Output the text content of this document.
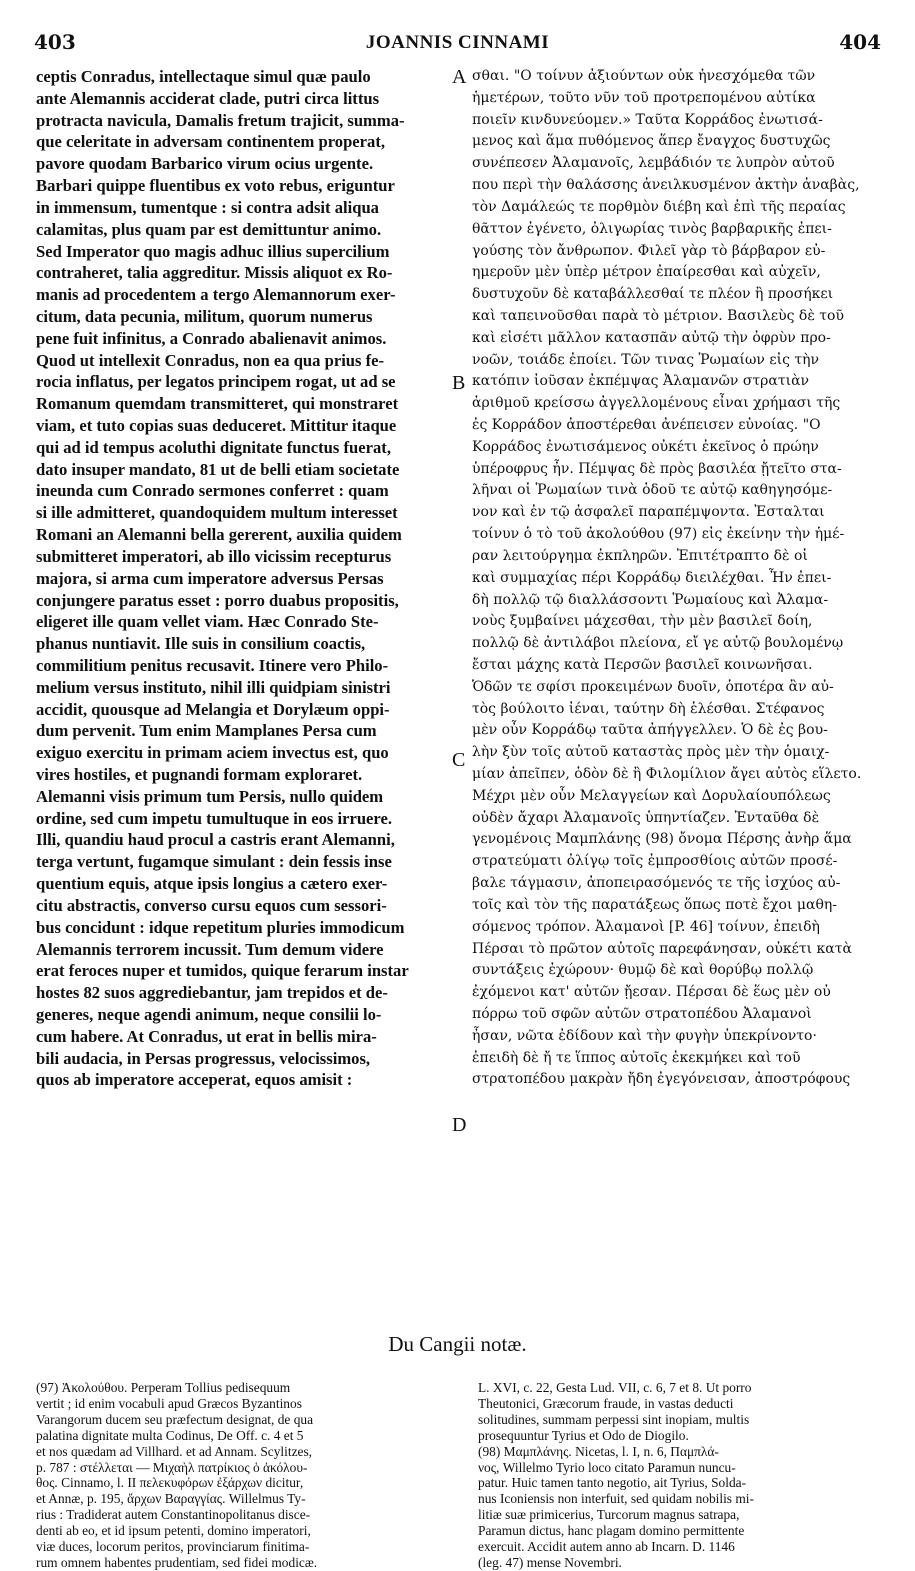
403	JOANNIS CINNAMI	404
ceptis Conradus, intellectaque simul quæ paulo
ante Alemannis acciderat clade, putri circa littus
protracta navicula, Damalis fretum trajicit, summa-
que celeritate in adversam continentem properat,
pavore quodam Barbarico virum ocius urgente.
Barbari quippe fluentibus ex voto rebus, eriguntur
in immensum, tumentque : si contra adsit aliqua
calamitas, plus quam par est demittuntur animo.
Sed Imperator quo magis adhuc illius supercilium
contraheret, talia aggreditur. Missis aliquot ex Ro-
manis ad procedentem a tergo Alemannorum exer-
citum, data pecunia, militum, quorum numerus
pene fuit infinitus, a Conrado abalienavit animos.
Quod ut intellexit Conradus, non ea qua prius fe-
rocia inflatus, per legatos principem rogat, ut ad se
Romanum quemdam transmitteret, qui monstraret
viam, et tuto copias suas deduceret. Mittitur itaque
qui ad id tempus acoluthi dignitate functus fuerat,
dato insuper mandato, 81 ut de belli etiam societate
ineunda cum Conrado sermones conferret : quam
si ille admitteret, quandoquidem multum interesset
Romani an Alemanni bella gererent, auxilia quidem
submitteret imperatori, ab illo vicissim recepturus
majora, si arma cum imperatore adversus Persas
conjungere paratus esset : porro duabus propositis,
eligeret ille quam vellet viam. Hæc Conrado Ste-
phanus nuntiavit. Ille suis in consilium coactis,
commilitium penitus recusavit. Itinere vero Philo-
melium versus instituto, nihil illi quidpiam sinistri
accidit, quousque ad Melangia et Dorylæum oppi-
dum pervenit. Tum enim Mamplanes Persa cum
exiguo exercitu in primam aciem invectus est, quo
vires hostiles, et pugnandi formam exploraret.
Alemanni visis primum tum Persis, nullo quidem
ordine, sed cum impetu tumultuque in eos irruere.
Illi, quandiu haud procul a castris erant Alemanni,
terga vertunt, fugamque simulant : dein fessis inse
quentium equis, atque ipsis longius a cætero exer-
citu abstractis, converso cursu equos cum sessori-
bus concidunt : idque repetitum pluries immodicum
Alemannis terrorem incussit. Tum demum videre
erat feroces nuper et tumidos, quique ferarum instar
hostes 82 suos aggrediebantur, jam trepidos et de-
generes, neque agendi animum, neque consilii lo-
cum habere. At Conradus, ut erat in bellis mira-
bili audacia, in Persas progressus, velocissimos,
quos ab imperatore acceperat, equos amisit :
σθαι. "Ο τοίνυν ἀξιούντων οὐκ ἠνεσχόμεθα τῶν
ἡμετέρων, τοῦτο νῦν τοῦ προτρεπομένου αὐτίκα
ποιεῖν κινδυνεύομεν.» Ταῦτα Κορράδος ἐνωτισά-
μενος καὶ ἅμα πυθόμενος ἅπερ ἔναγχος δυστυχῶς
συνέπεσεν Ἀλαμανοῖς, λεμβάδιόν τε λυπρὸν αὐτοῦ
που περὶ τὴν θαλάσσης ἀνειλκυσμένον ἀκτὴν ἀναβὰς,
τὸν Δαμάλεώς τε πορθμὸν διέβη καὶ ἐπὶ τῆς περαίας
θᾶττον ἐγένετο, ὀλιγωρίας τινὸς βαρβαρικῆς ἐπει-
γούσης τὸν ἄνθρωπον. Φιλεῖ γὰρ τὸ βάρβαρον εὐ-
ημεροῦν μὲν ὑπὲρ μέτρον ἐπαίρεσθαι καὶ αὐχεῖν,
δυστυχοῦν δὲ καταβάλλεσθαί τε πλέον ἢ προσήκει
καὶ ταπεινοῦσθαι παρὰ τὸ μέτριον. Βασιλεὺς δὲ τοῦ
καὶ εἰσέτι μᾶλλον κατασπᾶν αὐτῷ τὴν ὀφρὺν προ-
νοῶν, τοιάδε ἐποίει. Τῶν τινας Ῥωμαίων εἰς τὴν
κατόπιν ἰοῦσαν ἐκπέμψας Ἀλαμανῶν στρατιὰν
ἀριθμοῦ κρείσσω ἀγγελλομένους εἶναι χρήμασι τῆς
ἐς Κορράδον ἀποστέρεθαι ἀνέπεισεν εὐνοίας. "Ο
Κορράδος ἐνωτισάμενος οὐκέτι ἐκεῖνος ὁ πρώην
ὑπέροφρυς ἦν. Πέμψας δὲ πρὸς βασιλέα ᾔτεῖτο στα-
λῆναι οἱ Ῥωμαίων τινὰ ὁδοῦ τε αὐτῷ καθηγησόμε-
νον καὶ ἐν τῷ ἀσφαλεῖ παραπέμψοντα. Ἐσταλται
τοίνυν ὁ τὸ τοῦ ἀκολούθου (97) εἰς ἐκείνην τὴν ἡμέ-
ραν λειτούργημα ἐκπληρῶν. Ἐπιτέτραπτο δὲ οἱ
καὶ συμμαχίας πέρι Κορράδῳ διειλέχθαι. Ἦν ἐπει-
δὴ πολλῷ τῷ διαλλάσσοντι Ῥωμαίους καὶ Ἀλαμα-
νοὺς ξυμβαίνει μάχεσθαι, τὴν μὲν βασιλεῖ δοίη,
πολλῷ δὲ ἀντιλάβοι πλείονα, εἴ γε αὐτῷ βουλομένῳ
ἔσται μάχης κατὰ Περσῶν βασιλεῖ κοινωνῆσαι.
Ὁδῶν τε σφίσι προκειμένων δυοῖν, ὁποτέρα ἂν αὐ-
τὸς βούλοιτο ἰέναι, ταύτην δὴ ἑλέσθαι. Στέφανος
μὲν οὖν Κορράδῳ ταῦτα ἀπήγγελλεν. Ὁ δὲ ἐς βου-
λὴν ξὺν τοῖς αὐτοῦ καταστὰς πρὸς μὲν τὴν ὁμαιχ-
μίαν ἀπεῖπεν, ὁδὸν δὲ ἢ Φιλομίλιον ἄγει αὐτὸς εἵλετο.
Μέχρι μὲν οὖν Μελαγγείων καὶ Δορυλαίουπόλεως
οὐδὲν ἄχαρι Ἀλαμανοῖς ὑπηντίαζεν. Ἐνταῦθα δὲ
γενομένοις Μαμπλάνης (98) ὄνομα Πέρσης ἀνὴρ ἅμα
στρατεύματι ὀλίγῳ τοῖς ἐμπροσθίοις αὐτῶν προσέ-
βαλε τάγμασιν, ἀποπειρασόμενός τε τῆς ἰσχύος αὐ-
τοῖς καὶ τὸν τῆς παρατάξεως ὅπως ποτὲ ἔχοι μαθη-
σόμενος τρόπον. Ἀλαμανοὶ [P. 46] τοίνυν, ἐπειδὴ
Πέρσαι τὸ πρῶτον αὐτοῖς παρεφάνησαν, οὐκέτι κατὰ
συντάξεις ἐχώρουν· θυμῷ δὲ καὶ θορύβῳ πολλῷ
ἐχόμενοι κατ' αὐτῶν ᾔεσαν. Πέρσαι δὲ ἕως μὲν οὐ
πόρρω τοῦ σφῶν αὐτῶν στρατοπέδου Ἀλαμανοὶ
ἦσαν, νῶτα ἐδίδουν καὶ τὴν φυγὴν ὑπεκρίνοντο·
ἐπειδὴ δὲ ἤ τε ἵππος αὐτοῖς ἐκεκμήκει καὶ τοῦ
στρατοπέδου μακρὰν ἤδη ἐγεγόνεισαν, ἀποστρόφους
A
B
C
D
Du Cangii notæ.
(97) Ἀκολούθου. Perperam Tollius pedisequum
vertit ; id enim vocabuli apud Græcos Byzantinos
Varangorum ducem seu præfectum designat, de qua
palatina dignitate multa Codinus, De Off. c. 4 et 5
et nos quædam ad Villhard. et ad Annam. Scylitzes,
p. 787 : στέλλεται — Μιχαὴλ πατρίκιος ὁ ἀκόλου-
θος. Cinnamo, l. II πελεκυφόρων ἐξάρχων dicitur,
et Annæ, p. 195, ἄρχων Βαραγγίας. Willelmus Ty-
rius : Tradiderat autem Constantinopolitanus disce-
denti ab eo, et id ipsum petenti, domino imperatori,
viæ duces, locorum peritos, provinciarum finitima-
rum omnem habentes prudentiam, sed fidei modicæ.
L. XVI, c. 22, Gesta Lud. VII, c. 6, 7 et 8. Ut porro
Theutonici, Græcorum fraude, in vastas deducti
solitudines, summam perpessi sint inopiam, multis
prosequuntur Tyrius et Odo de Diogilo.
(98) Μαμπλάνης. Nicetas, l. I, n. 6, Παμπλά-
νος, Willelmo Tyrio loco citato Paramun nuncu-
patur. Huic tamen tanto negotio, ait Tyrius, Solda-
nus Iconiensis non interfuit, sed quidam nobilis mi-
litiæ suæ primicerius, Turcorum magnus satrapa,
Paramun dictus, hanc plagam domino permittente
exercuit. Accidit autem anno ab Incarn. D. 1146
(leg. 47) mense Novembri.
